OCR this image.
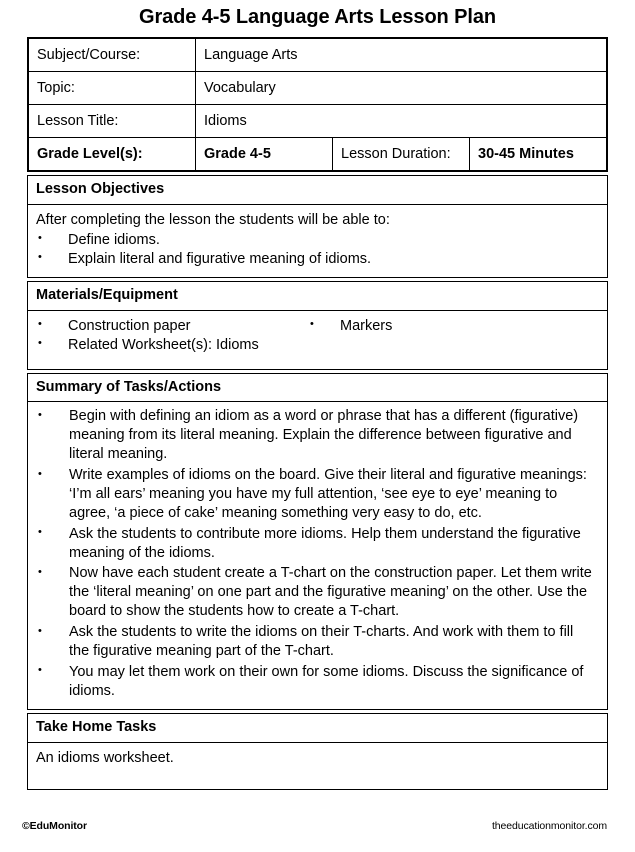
Grade 4-5 Language Arts Lesson Plan
Subject/Course:	Language Arts		
Topic:	Vocabulary		
Lesson Title:	Idioms		
Grade Level(s):	Grade 4-5	Lesson Duration:	30-45 Minutes
Lesson Objectives
After completing the lesson the students will be able to:
• Define idioms.
• Explain literal and figurative meaning of idioms.
Materials/Equipment
• Construction paper
• Related Worksheet(s): Idioms
• Markers
Summary of Tasks/Actions
• Begin with defining an idiom as a word or phrase that has a different (figurative) meaning from its literal meaning. Explain the difference between figurative and literal meaning.
• Write examples of idioms on the board. Give their literal and figurative meanings: ‘I’m all ears’ meaning you have my full attention, ‘see eye to eye’ meaning to agree, ‘a piece of cake’ meaning something very easy to do, etc.
• Ask the students to contribute more idioms. Help them understand the figurative meaning of the idioms.
• Now have each student create a T-chart on the construction paper. Let them write the ‘literal meaning’ on one part and the figurative meaning’ on the other. Use the board to show the students how to create a T-chart.
• Ask the students to write the idioms on their T-charts. And work with them to fill the figurative meaning part of the T-chart.
• You may let them work on their own for some idioms. Discuss the significance of idioms.
Take Home Tasks
An idioms worksheet.
©EduMonitor	theeducationmonitor.com
